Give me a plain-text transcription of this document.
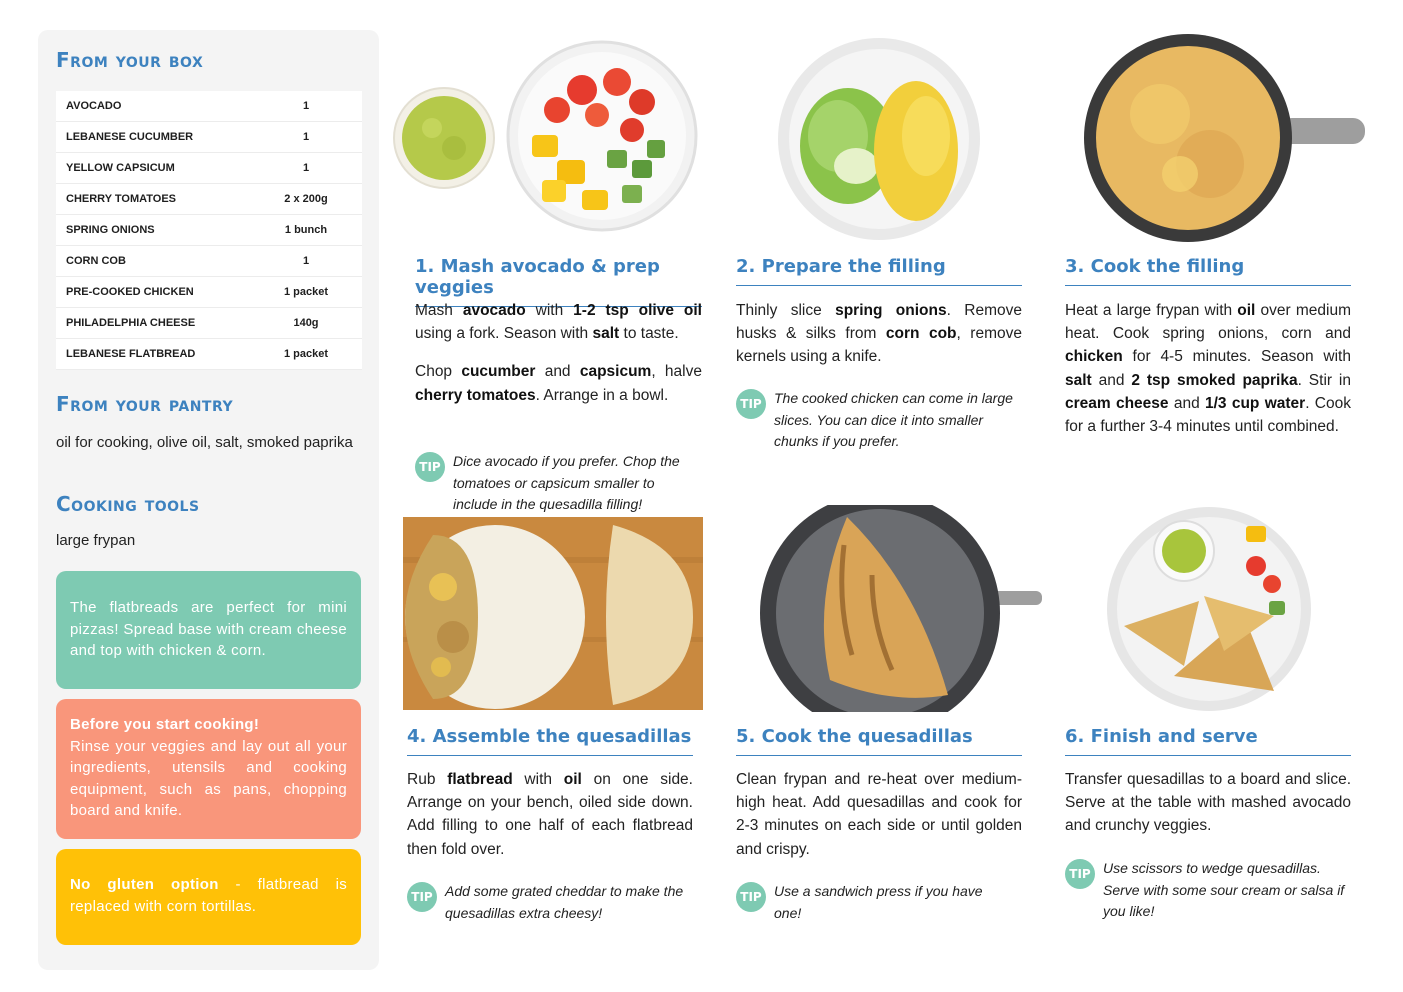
From your box
AVOCADO	1
LEBANESE CUCUMBER	1
YELLOW CAPSICUM	1
CHERRY TOMATOES	2 x 200g
SPRING ONIONS	1 bunch
CORN COB	1
PRE-COOKED CHICKEN	1 packet
PHILADELPHIA CHEESE	140g
LEBANESE FLATBREAD	1 packet
From your pantry
oil for cooking, olive oil, salt, smoked paprika
Cooking tools
large frypan
The flatbreads are perfect for mini pizzas! Spread base with cream cheese and top with chicken & corn.
Before you start cooking!
Rinse your veggies and lay out all your ingredients, utensils and cooking equipment, such as pans, chopping board and knife.
No gluten option - flatbread is replaced with corn tortillas.
1. Mash avocado & prep veggies

Mash avocado with 1-2 tsp olive oil using a fork. Season with salt to taste.

Chop cucumber and capsicum, halve cherry tomatoes. Arrange in a bowl.

TIP Dice avocado if you prefer. Chop the tomatoes or capsicum smaller to include in the quesadilla filling!
2. Prepare the filling

Thinly slice spring onions. Remove husks & silks from corn cob, remove kernels using a knife.

TIP The cooked chicken can come in large slices. You can dice it into smaller chunks if you prefer.
3. Cook the filling

Heat a large frypan with oil over medium heat. Cook spring onions, corn and chicken for 4-5 minutes. Season with salt and 2 tsp smoked paprika. Stir in cream cheese and 1/3 cup water. Cook for a further 3-4 minutes until combined.

4. Assemble the quesadillas

Rub flatbread with oil on one side. Arrange on your bench, oiled side down. Add filling to one half of each flatbread then fold over.

TIP Add some grated cheddar to make the quesadillas extra cheesy!
5. Cook the quesadillas

Clean frypan and re-heat over medium-high heat. Add quesadillas and cook for 2-3 minutes on each side or until golden and crispy.

TIP Use a sandwich press if you have one!
6. Finish and serve

Transfer quesadillas to a board and slice. Serve at the table with mashed avocado and crunchy veggies.

TIP Use scissors to wedge quesadillas. Serve with some sour cream or salsa if you like!
